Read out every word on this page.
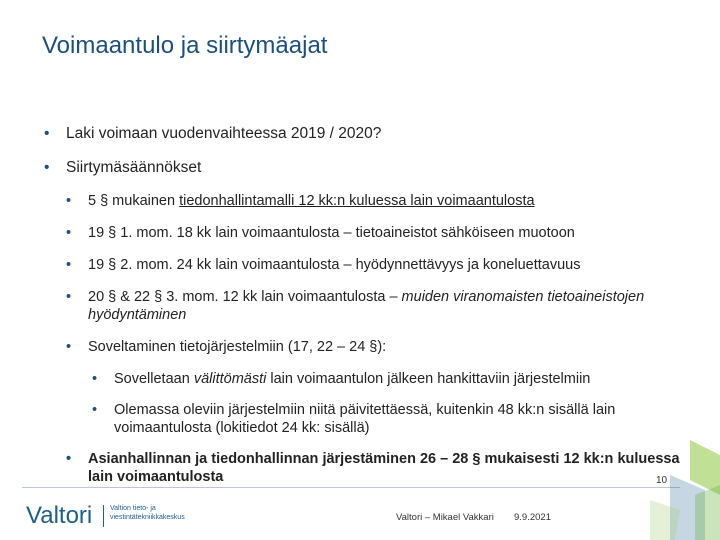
Voimaantulo ja siirtymäajat
• Laki voimaan vuodenvaihteessa 2019 / 2020?
• Siirtymäsäännökset
• 5 § mukainen tiedonhallintamalli 12 kk:n kuluessa lain voimaantulosta
• 19 § 1. mom. 18 kk lain voimaantulosta – tietoaineistot sähköiseen muotoon
• 19 § 2. mom. 24 kk lain voimaantulosta – hyödynnettävyys ja koneluettavuus
• 20 § & 22 § 3. mom. 12 kk lain voimaantulosta – muiden viranomaisten tietoaineistojen hyödyntäminen
• Soveltaminen tietojärjestelmiin (17, 22 – 24 §):
• Sovelletaan välittömästi lain voimaantulon jälkeen hankittaviin järjestelmiin
• Olemassa oleviin järjestelmiin niitä päivitettäessä, kuitenkin 48 kk:n sisällä lain voimaantulosta (lokitiedot 24 kk: sisällä)
• Asianhallinnan ja tiedonhallinnan järjestäminen 26 – 28 § mukaisesti 12 kk:n kuluessa lain voimaantulosta	10
Valtori	Valtion tieto- ja
viestintätekniikkakeskus	Valtori – Mikael Vakkari 9.9.2021
